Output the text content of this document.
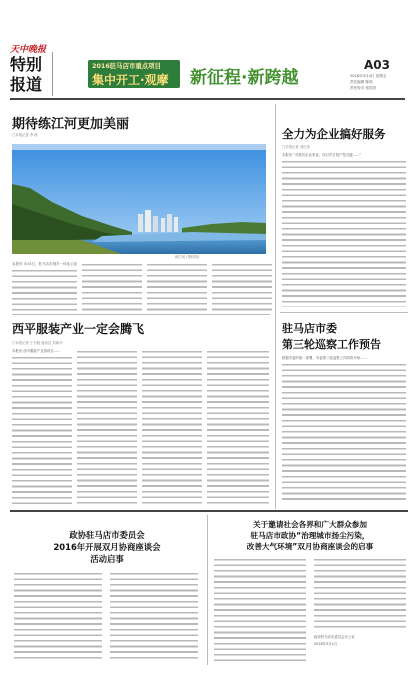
天中晚报
特别
报道
2016驻马店市重点项目
集中开工·观摩 新征程·新跨越
A03
2016年3月4日 星期五
责任编辑 陈琪
责任校对 张国亮
期待练江河更加美丽
□本报记者 李 桃
练江河 (资料图)
本报讯 3月4日，驻马店市城乡一体化示范
西平服装产业一定会腾飞
□本报记者 王书超 通讯员 刘新华
本报讯 西平服装产业园项目……
全力为企业搞好服务
□本报记者 刘红伟
本报讯 “对我们企业来说，项目早日投产是关键……”
驻马店市委
第三轮巡察工作预告
根据市委的统一部署，市委第三轮巡察工作即将开始……
政协驻马店市委员会
2016年开展双月协商座谈会
活动启事
关于邀请社会各界和广大群众参加
驻马店市政协“治理城市扬尘污染，
改善大气环境”双月协商座谈会的启事
政协驻马店市委员会办公室
2016年3月1日
